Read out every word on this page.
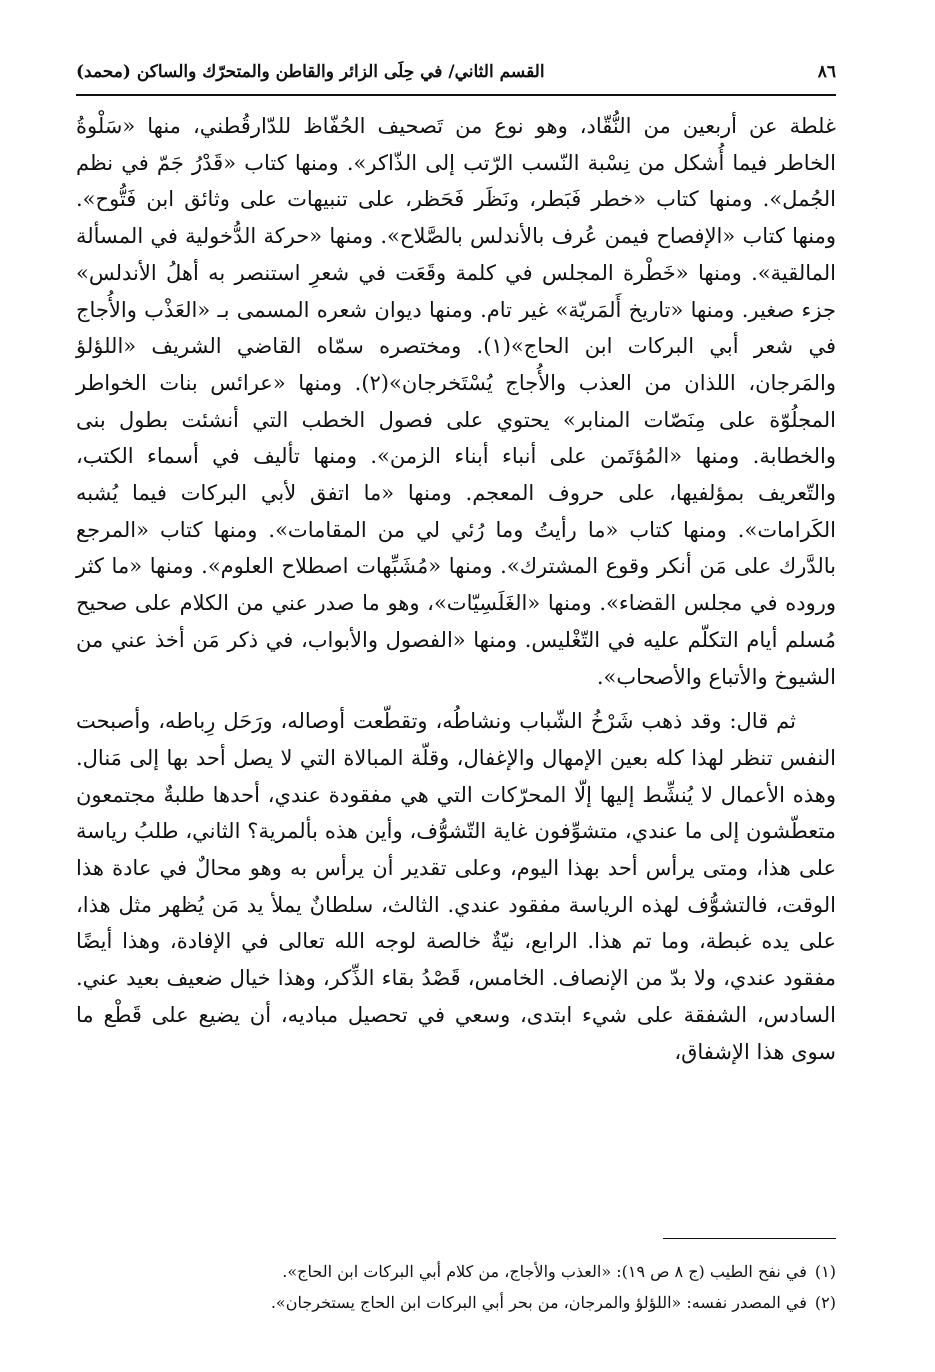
٨٦
القسم الثاني/ في حِلَى الزائر والقاطن والمتحرّك والساكن (محمد)

غلطة عن أربعين من النُّقّاد، وهو نوع من تَصحيف الحُفّاظ للدّارقُطني، منها «سَلْوةُ الخاطر فيما أُشكل من نِسْبة النّسب الرّتب إلى الذّاكر». ومنها كتاب «قَدْرُ جَمّ في نظم الجُمل». ومنها كتاب «خطر فَبَطر، ونَظَر فَحَظر، على تنبيهات على وثائق ابن فَتُّوح». ومنها كتاب «الإفصاح فيمن عُرف بالأندلس بالصَّلاح». ومنها «حركة الدُّخولية في المسألة المالقية». ومنها «خَطْرة المجلس في كلمة وقَعَت في شعرِ استنصر به أهلُ الأندلس» جزء صغير. ومنها «تاريخ أَلمَريّة» غير تام. ومنها ديوان شعره المسمى بـ «العَذْب والأُجاج في شعر أبي البركات ابن الحاج»(١). ومختصره سمّاه القاضي الشريف «اللؤلؤ والمَرجان، اللذان من العذب والأُجاج يُسْتَخرجان»(٢). ومنها «عرائس بنات الخواطر المجلُوّة على مِنَصّات المنابر» يحتوي على فصول الخطب التي أنشئت بطول بنى والخطابة. ومنها «المُؤتَمن على أنباء أبناء الزمن». ومنها تأليف في أسماء الكتب، والتّعريف بمؤلفيها، على حروف المعجم. ومنها «ما اتفق لأبي البركات فيما يُشبه الكَرامات». ومنها كتاب «ما رأيتُ وما رُئي لي من المقامات». ومنها كتاب «المرجع بالدَّرك على مَن أنكر وقوع المشترك». ومنها «مُشَبِّهات اصطلاح العلوم». ومنها «ما كثر وروده في مجلس القضاء». ومنها «الغَلَسِيّات»، وهو ما صدر عني من الكلام على صحيح مُسلم أيام التكلّم عليه في التّغْليس. ومنها «الفصول والأبواب، في ذكر مَن أخذ عني من الشيوخ والأتباع والأصحاب».

ثم قال: وقد ذهب شَرْخُ الشّباب ونشاطُه، وتقطّعت أوصاله، ورَحَل رِباطه، وأصبحت النفس تنظر لهذا كله بعين الإمهال والإغفال، وقلّة المبالاة التي لا يصل أحد بها إلى مَنال. وهذه الأعمال لا يُنشِّط إليها إلّا المحرّكات التي هي مفقودة عندي، أحدها طلبةٌ مجتمعون متعطّشون إلى ما عندي، متشوِّفون غاية التّشوُّف، وأين هذه بألمرية؟ الثاني، طلبُ رياسة على هذا، ومتى يرأس أحد بهذا اليوم، وعلى تقدير أن يرأس به وهو محالٌ في عادة هذا الوقت، فالتشوُّف لهذه الرياسة مفقود عندي. الثالث، سلطانٌ يملأ يد مَن يُظهر مثل هذا، على يده غبطة، وما تم هذا. الرابع، نيّةٌ خالصة لوجه الله تعالى في الإفادة، وهذا أيضًا مفقود عندي، ولا بدّ من الإنصاف. الخامس، قَصْدُ بقاء الذِّكر، وهذا خيال ضعيف بعيد عني. السادس، الشفقة على شيء ابتدى، وسعي في تحصيل مباديه، أن يضيع على قَطْع ما سوى هذا الإشفاق،

(١)في نفح الطيب (ج ٨ ص ١٩): «العذب والأجاج، من كلام أبي البركات ابن الحاج».

(٢)في المصدر نفسه: «اللؤلؤ والمرجان، من بحر أبي البركات ابن الحاج يستخرجان».
